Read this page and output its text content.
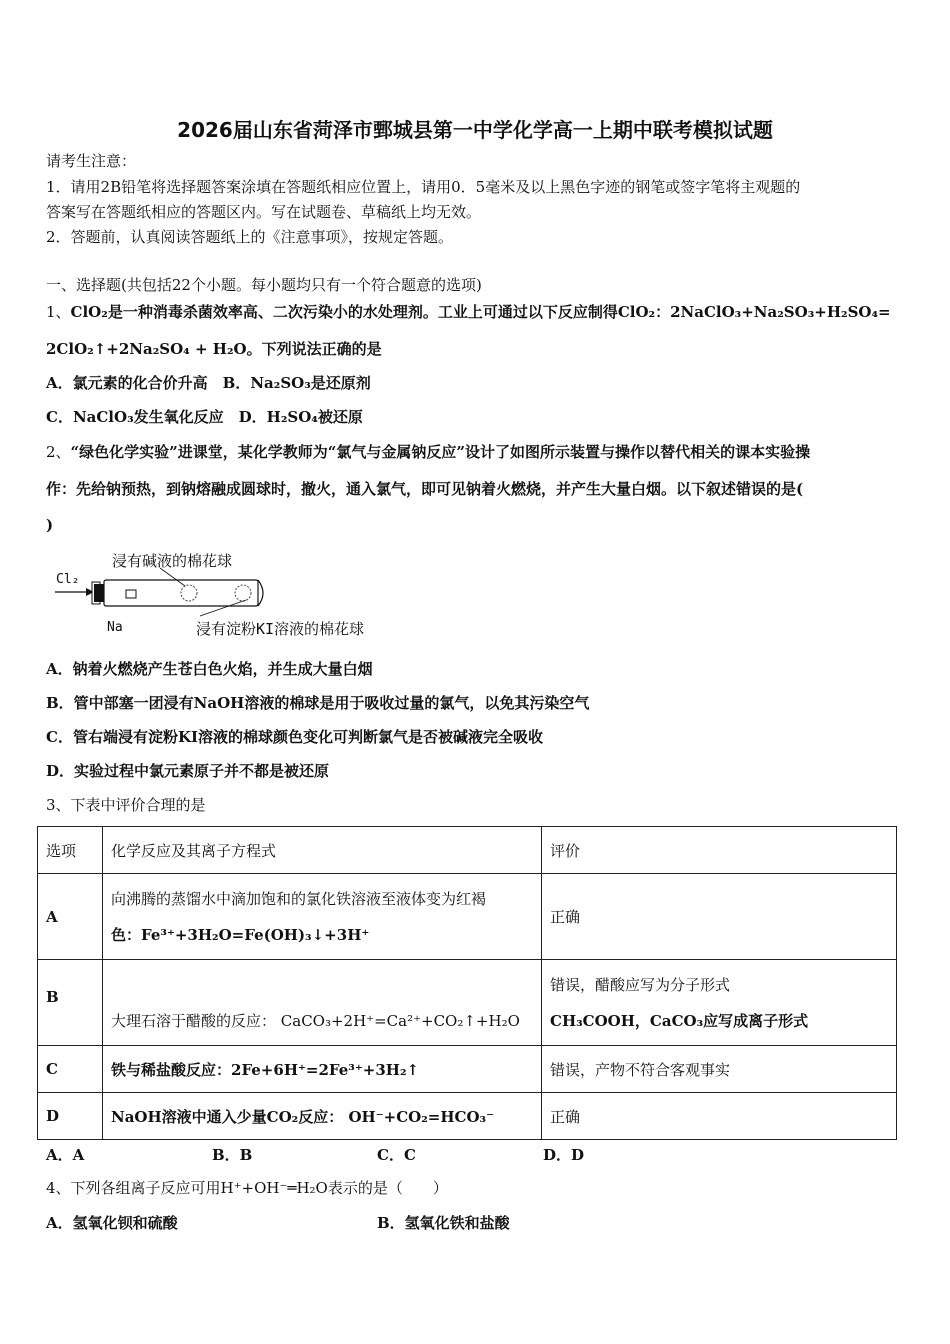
2026届山东省菏泽市鄄城县第一中学化学高一上期中联考模拟试题
请考生注意：
1．请用2B铅笔将选择题答案涂填在答题纸相应位置上，请用0．5毫米及以上黑色字迹的钢笔或签字笔将主观题的
答案写在答题纸相应的答题区内。写在试题卷、草稿纸上均无效。
2．答题前，认真阅读答题纸上的《注意事项》，按规定答题。
一、选择题(共包括22个小题。每小题均只有一个符合题意的选项)
1、ClO₂是一种消毒杀菌效率高、二次污染小的水处理剂。工业上可通过以下反应制得ClO₂：2NaClO₃+Na₂SO₃+H₂SO₄=
2ClO₂↑+2Na₂SO₄ + H₂O。下列说法正确的是
A．氯元素的化合价升高　B．Na₂SO₃是还原剂
C．NaClO₃发生氧化反应　D．H₂SO₄被还原
2、“绿色化学实验”进课堂，某化学教师为“氯气与金属钠反应”设计了如图所示装置与操作以替代相关的课本实验操
作：先给钠预热，到钠熔融成圆球时，撤火，通入氯气，即可见钠着火燃烧，并产生大量白烟。以下叙述错误的是(
)
浸有碱液的棉花球
Cl₂
Na	浸有淀粉KI溶液的棉花球
A．钠着火燃烧产生苍白色火焰，并生成大量白烟
B．管中部塞一团浸有NaOH溶液的棉球是用于吸收过量的氯气，以免其污染空气
C．管右端浸有淀粉KI溶液的棉球颜色变化可判断氯气是否被碱液完全吸收
D．实验过程中氯元素原子并不都是被还原
3、下表中评价合理的是
选项	化学反应及其离子方程式	评价
A	向沸腾的蒸馏水中滴加饱和的氯化铁溶液至液体变为红褐
色：Fe³⁺+3H₂O=Fe(OH)₃↓+3H⁺	正确
B	大理石溶于醋酸的反应： CaCO₃+2H⁺=Ca²⁺+CO₂↑+H₂O	错误，醋酸应写为分子形式
CH₃COOH，CaCO₃应写成离子形式

C	铁与稀盐酸反应：2Fe+6H⁺=2Fe³⁺+3H₂↑	错误，产物不符合客观事实
D	NaOH溶液中通入少量CO₂反应： OH⁻+CO₂=HCO₃⁻	正确
A．A	B．B	C．C	D．D
4、下列各组离子反应可用H⁺+OH⁻═H₂O表示的是（　　）
A．氢氧化钡和硫酸	B．氢氧化铁和盐酸
